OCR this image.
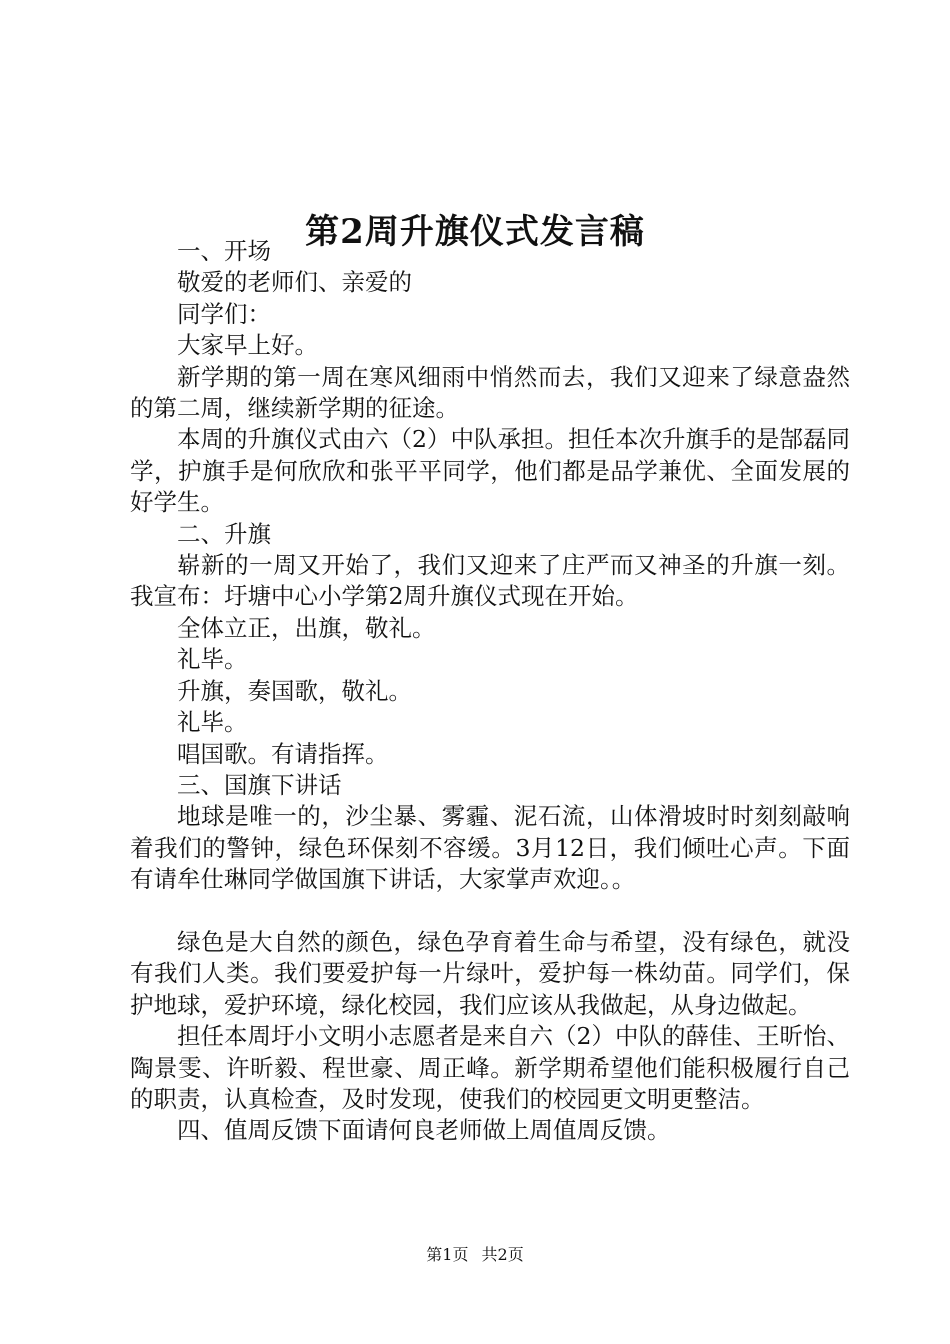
第2周升旗仪式发言稿

一、开场

敬爱的老师们、亲爱的

同学们：

大家早上好。

新学期的第一周在寒风细雨中悄然而去，我们又迎来了绿意盎然的第二周，继续新学期的征途。

本周的升旗仪式由六（2）中队承担。担任本次升旗手的是郜磊同学，护旗手是何欣欣和张平平同学，他们都是品学兼优、全面发展的好学生。

二、升旗

崭新的一周又开始了，我们又迎来了庄严而又神圣的升旗一刻。我宣布：圩塘中心小学第2周升旗仪式现在开始。

全体立正，出旗，敬礼。

礼毕。

升旗，奏国歌，敬礼。

礼毕。

唱国歌。有请指挥。

三、国旗下讲话

地球是唯一的，沙尘暴、雾霾、泥石流，山体滑坡时时刻刻敲响着我们的警钟，绿色环保刻不容缓。3月12日，我们倾吐心声。下面有请牟仕琳同学做国旗下讲话，大家掌声欢迎。。

绿色是大自然的颜色，绿色孕育着生命与希望，没有绿色，就没有我们人类。我们要爱护每一片绿叶，爱护每一株幼苗。同学们，保护地球，爱护环境，绿化校园，我们应该从我做起，从身边做起。

担任本周圩小文明小志愿者是来自六（2）中队的薛佳、王昕怡、陶景雯、许昕毅、程世豪、周正峰。新学期希望他们能积极履行自己的职责，认真检查，及时发现，使我们的校园更文明更整洁。

四、值周反馈下面请何良老师做上周值周反馈。

第1页 共2页
